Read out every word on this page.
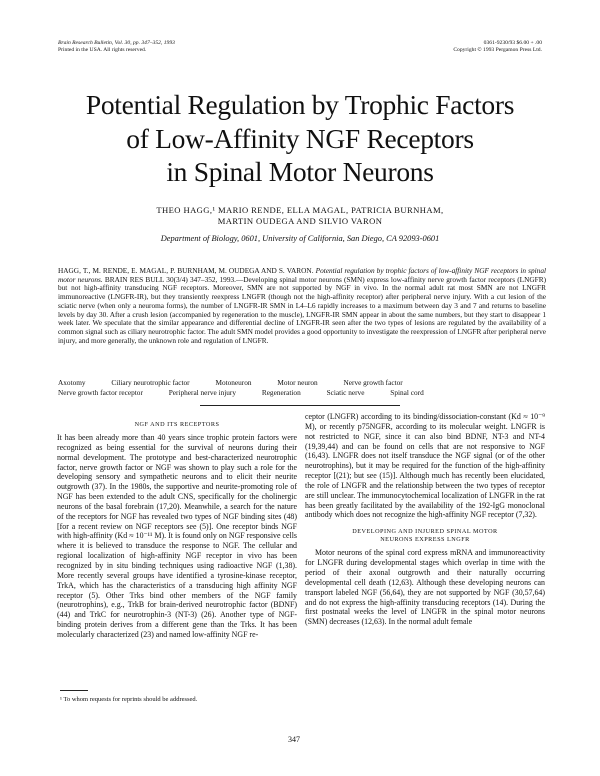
Brain Research Bulletin, Vol. 30, pp. 347–352, 1993
Printed in the USA. All rights reserved.
0361-9230/93 $6.00 + .00
Copyright © 1993 Pergamon Press Ltd.
Potential Regulation by Trophic Factors
of Low-Affinity NGF Receptors
in Spinal Motor Neurons
THEO HAGG,¹ MARIO RENDE, ELLA MAGAL, PATRICIA BURNHAM,
MARTIN OUDEGA AND SILVIO VARON
Department of Biology, 0601, University of California, San Diego, CA 92093-0601
HAGG, T., M. RENDE, E. MAGAL, P. BURNHAM, M. OUDEGA AND S. VARON. Potential regulation by trophic factors of low-affinity NGF receptors in spinal motor neurons. BRAIN RES BULL 30(3/4) 347–352, 1993.—Developing spinal motor neurons (SMN) express low-affinity nerve growth factor receptors (LNGFR) but not high-affinity transducing NGF receptors. Moreover, SMN are not supported by NGF in vivo. In the normal adult rat most SMN are not LNGFR immunoreactive (LNGFR-IR), but they transiently reexpress LNGFR (though not the high-affinity receptor) after peripheral nerve injury. With a cut lesion of the sciatic nerve (when only a neuroma forms), the number of LNGFR-IR SMN in L4–L6 rapidly increases to a maximum between day 3 and 7 and returns to baseline levels by day 30. After a crush lesion (accompanied by regeneration to the muscle), LNGFR-IR SMN appear in about the same numbers, but they start to disappear 1 week later. We speculate that the similar appearance and differential decline of LNGFR-IR seen after the two types of lesions are regulated by the availability of a common signal such as ciliary neurotrophic factor. The adult SMN model provides a good opportunity to investigate the reexpression of LNGFR after peripheral nerve injury, and more generally, the unknown role and regulation of LNGFR.
Axotomy	Ciliary neurotrophic factor	Motoneuron	Motor neuron	Nerve growth factor
Nerve growth factor receptor	Peripheral nerve injury	Regeneration	Sciatic nerve	Spinal cord
NGF AND ITS RECEPTORS

It has been already more than 40 years since trophic protein factors were recognized as being essential for the survival of neurons during their normal development. The prototype and best-characterized neurotrophic factor, nerve growth factor or NGF was shown to play such a role for the developing sensory and sympathetic neurons and to elicit their neurite outgrowth (37). In the 1980s, the supportive and neurite-promoting role of NGF has been extended to the adult CNS, specifically for the cholinergic neurons of the basal forebrain (17,20). Meanwhile, a search for the nature of the receptors for NGF has revealed two types of NGF binding sites (48) [for a recent review on NGF receptors see (5)]. One receptor binds NGF with high-affinity (Kd ≈ 10⁻¹¹ M). It is found only on NGF responsive cells where it is believed to transduce the response to NGF. The cellular and regional localization of high-affinity NGF receptor in vivo has been recognized by in situ binding techniques using radioactive NGF (1,38). More recently several groups have identified a tyrosine-kinase receptor, TrkA, which has the characteristics of a transducing high affinity NGF receptor (5). Other Trks bind other members of the NGF family (neurotrophins), e.g., TrkB for brain-derived neurotrophic factor (BDNF) (44) and TrkC for neurotrophin-3 (NT-3) (26). Another type of NGF-binding protein derives from a different gene than the Trks. It has been molecularly characterized (23) and named low-affinity NGF re-

ceptor (LNGFR) according to its binding/dissociation-constant (Kd ≈ 10⁻⁹ M), or recently p75NGFR, according to its molecular weight. LNGFR is not restricted to NGF, since it can also bind BDNF, NT-3 and NT-4 (19,39,44) and can be found on cells that are not responsive to NGF (16,43). LNGFR does not itself transduce the NGF signal (or of the other neurotrophins), but it may be required for the function of the high-affinity receptor [(21); but see (15)]. Although much has recently been elucidated, the role of LNGFR and the relationship between the two types of receptor are still unclear. The immunocytochemical localization of LNGFR in the rat has been greatly facilitated by the availability of the 192-IgG monoclonal antibody which does not recognize the high-affinity NGF receptor (7,32).

DEVELOPING AND INJURED SPINAL MOTOR
NEURONS EXPRESS LNGFR

Motor neurons of the spinal cord express mRNA and immunoreactivity for LNGFR during developmental stages which overlap in time with the period of their axonal outgrowth and their naturally occurring developmental cell death (12,63). Although these developing neurons can transport labeled NGF (56,64), they are not supported by NGF (30,57,64) and do not express the high-affinity transducing receptors (14). During the first postnatal weeks the level of LNGFR in the spinal motor neurons (SMN) decreases (12,63). In the normal adult female

¹ To whom requests for reprints should be addressed.
347
